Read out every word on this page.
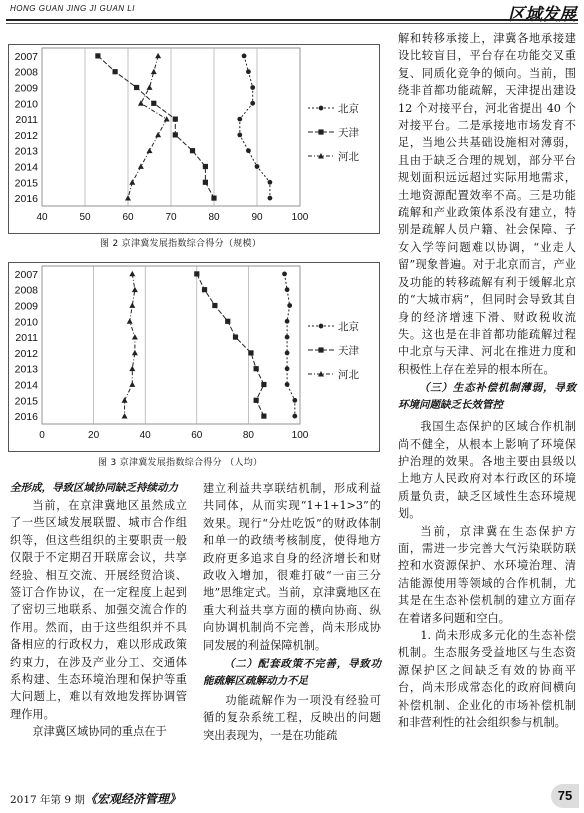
HONG GUAN JING JI GUAN LI	区域发展
40	50	60	70	80	90	100
2007
2008
2009
2010
2011
2012
2013
2014
2015
2016
北京
天津
河北
图 2 京津冀发展指数综合得分（规模）
0	20	40	60	80	100
2007
2008
2009
2010
2011
2012
2013
2014
2015
2016
北京
天津
河北
图 3 京津冀发展指数综合得分 （人均）

解和转移承接上，津冀各地承接建设比较盲目，平台存在功能交叉重复、同质化竞争的倾向。当前，围绕非首都功能疏解，天津提出建设 12 个对接平台，河北省提出 40 个对接平台。二是承接地市场发育不足，当地公共基础设施相对薄弱，且由于缺乏合理的规划，部分平台规划面积远远超过实际用地需求，土地资源配置效率不高。三是功能疏解和产业政策体系没有建立，特别是疏解人员户籍、社会保障、子女入学等问题难以协调，“业走人留”现象普遍。对于北京而言，产业及功能的转移疏解有利于缓解北京的“大城市病”，但同时会导致其自身的经济增速下滑、财政税收流失。这也是在非首都功能疏解过程中北京与天津、河北在推进力度和积极性上存在差异的根本所在。

（三）生态补偿机制薄弱，导致环境问题缺乏长效管控

我国生态保护的区域合作机制尚不健全，从根本上影响了环境保护治理的效果。各地主要由县级以上地方人民政府对本行政区的环境质量负责，缺乏区域性生态环境规划。

当前，京津冀在生态保护方面，需进一步完善大气污染联防联控和水资源保护、水环境治理、清洁能源使用等领域的合作机制，尤其是在生态补偿机制的建立方面存在着诸多问题和空白。

1. 尚未形成多元化的生态补偿机制。生态服务受益地区与生态资源保护区之间缺乏有效的协商平台，尚未形成常态化的政府间横向补偿机制、企业化的市场补偿机制和非营利性的社会组织参与机制。

全形成，导致区域协同缺乏持续动力

当前，在京津冀地区虽然成立了一些区域发展联盟、城市合作组织等，但这些组织的主要职责一般仅限于不定期召开联席会议，共享经验、相互交流、开展经贸洽谈、签订合作协议，在一定程度上起到了密切三地联系、加强交流合作的作用。然而，由于这些组织并不具备相应的行政权力，难以形成政策约束力，在涉及产业分工、交通体系构建、生态环境治理和保护等重大问题上，难以有效地发挥协调管理作用。

京津冀区域协同的重点在于

建立利益共享联结机制，形成利益共同体，从而实现“1+1+1>3”的效果。现行“分灶吃饭”的财政体制和单一的政绩考核制度，使得地方政府更多追求自身的经济增长和财政收入增加，很难打破“一亩三分地”思维定式。当前，京津冀地区在重大利益共享方面的横向协商、纵向协调机制尚不完善，尚未形成协同发展的利益保障机制。

（二）配套政策不完善，导致功能疏解区疏解动力不足

功能疏解作为一项没有经验可循的复杂系统工程，反映出的问题突出表现为，一是在功能疏

2017 年第 9 期《宏观经济管理》	75
